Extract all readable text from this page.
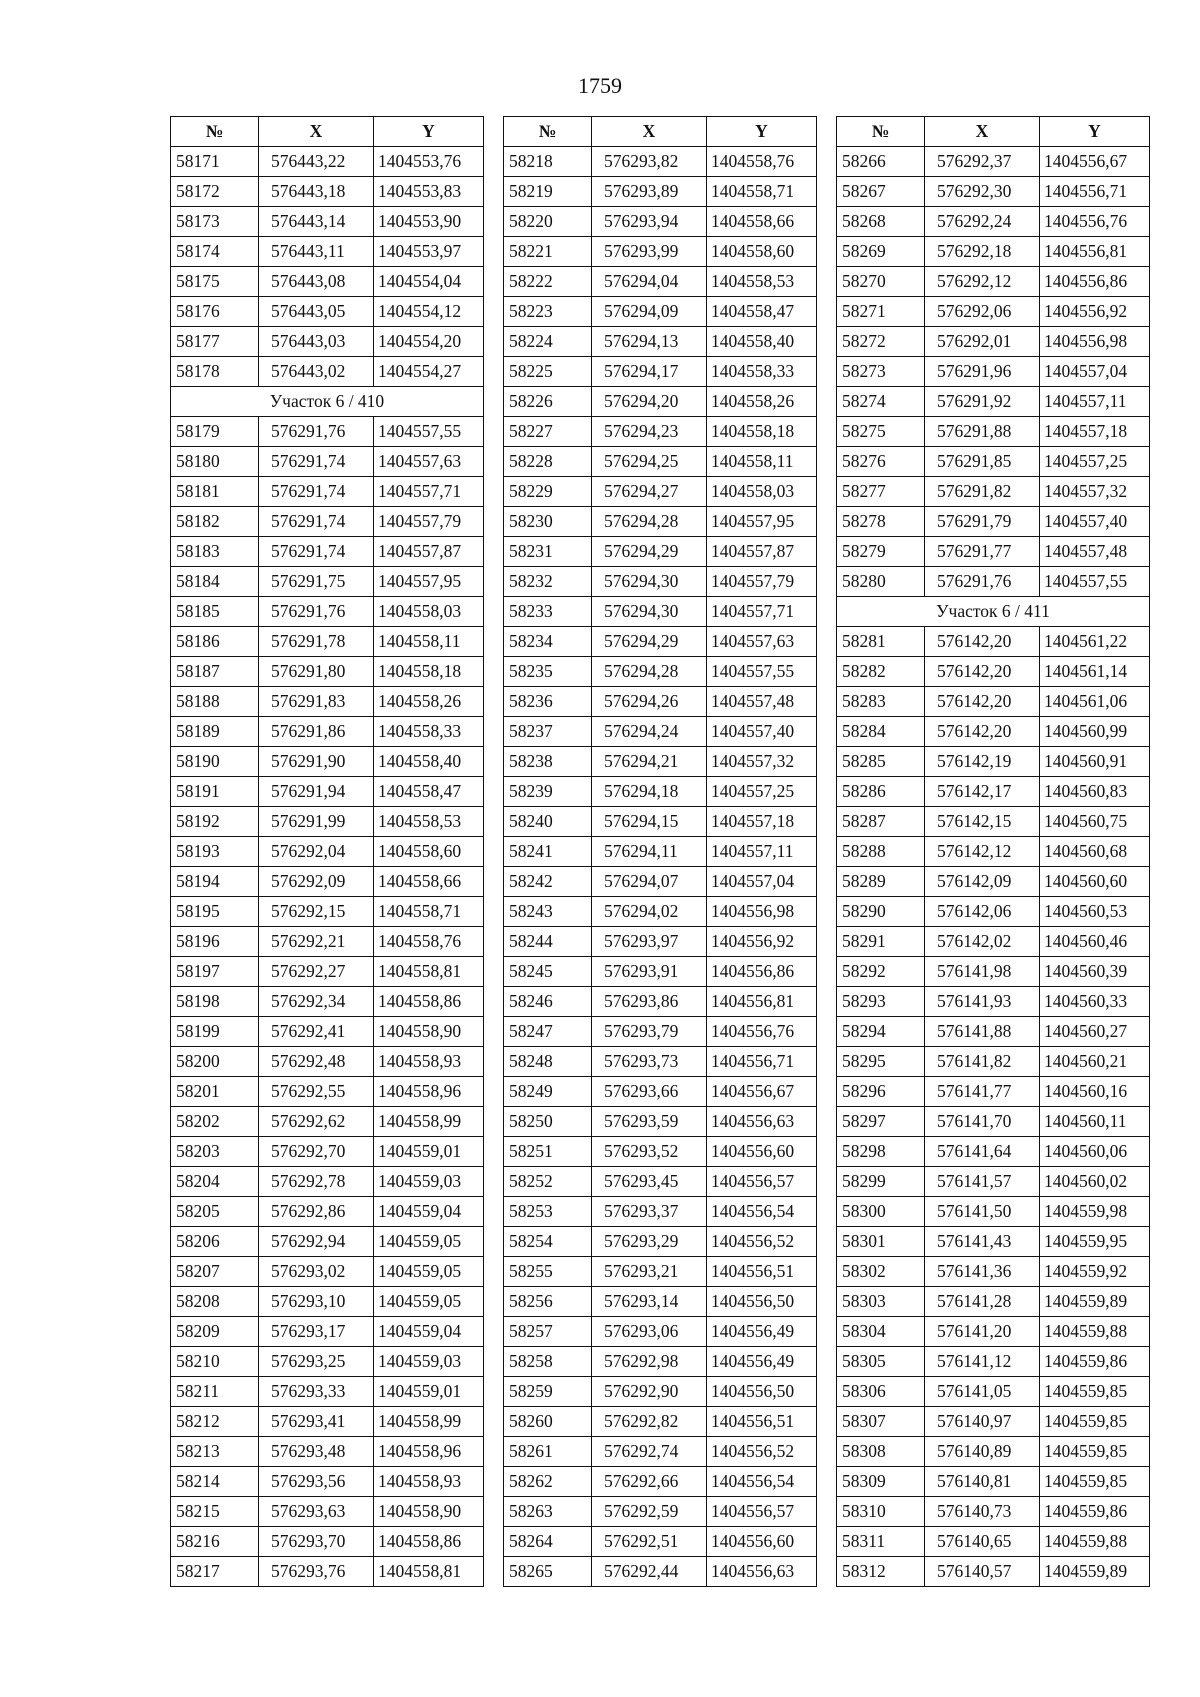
1759
№	X	Y
58171	576443,22	1404553,76
58172	576443,18	1404553,83
58173	576443,14	1404553,90
58174	576443,11	1404553,97
58175	576443,08	1404554,04
58176	576443,05	1404554,12
58177	576443,03	1404554,20
58178	576443,02	1404554,27
Участок 6 / 410		
58179	576291,76	1404557,55
58180	576291,74	1404557,63
58181	576291,74	1404557,71
58182	576291,74	1404557,79
58183	576291,74	1404557,87
58184	576291,75	1404557,95
58185	576291,76	1404558,03
58186	576291,78	1404558,11
58187	576291,80	1404558,18
58188	576291,83	1404558,26
58189	576291,86	1404558,33
58190	576291,90	1404558,40
58191	576291,94	1404558,47
58192	576291,99	1404558,53
58193	576292,04	1404558,60
58194	576292,09	1404558,66
58195	576292,15	1404558,71
58196	576292,21	1404558,76
58197	576292,27	1404558,81
58198	576292,34	1404558,86
58199	576292,41	1404558,90
58200	576292,48	1404558,93
58201	576292,55	1404558,96
58202	576292,62	1404558,99
58203	576292,70	1404559,01
58204	576292,78	1404559,03
58205	576292,86	1404559,04
58206	576292,94	1404559,05
58207	576293,02	1404559,05
58208	576293,10	1404559,05
58209	576293,17	1404559,04
58210	576293,25	1404559,03
58211	576293,33	1404559,01
58212	576293,41	1404558,99
58213	576293,48	1404558,96
58214	576293,56	1404558,93
58215	576293,63	1404558,90
58216	576293,70	1404558,86
58217	576293,76	1404558,81
№	X	Y
58218	576293,82	1404558,76
58219	576293,89	1404558,71
58220	576293,94	1404558,66
58221	576293,99	1404558,60
58222	576294,04	1404558,53
58223	576294,09	1404558,47
58224	576294,13	1404558,40
58225	576294,17	1404558,33
58226	576294,20	1404558,26
58227	576294,23	1404558,18
58228	576294,25	1404558,11
58229	576294,27	1404558,03
58230	576294,28	1404557,95
58231	576294,29	1404557,87
58232	576294,30	1404557,79
58233	576294,30	1404557,71
58234	576294,29	1404557,63
58235	576294,28	1404557,55
58236	576294,26	1404557,48
58237	576294,24	1404557,40
58238	576294,21	1404557,32
58239	576294,18	1404557,25
58240	576294,15	1404557,18
58241	576294,11	1404557,11
58242	576294,07	1404557,04
58243	576294,02	1404556,98
58244	576293,97	1404556,92
58245	576293,91	1404556,86
58246	576293,86	1404556,81
58247	576293,79	1404556,76
58248	576293,73	1404556,71
58249	576293,66	1404556,67
58250	576293,59	1404556,63
58251	576293,52	1404556,60
58252	576293,45	1404556,57
58253	576293,37	1404556,54
58254	576293,29	1404556,52
58255	576293,21	1404556,51
58256	576293,14	1404556,50
58257	576293,06	1404556,49
58258	576292,98	1404556,49
58259	576292,90	1404556,50
58260	576292,82	1404556,51
58261	576292,74	1404556,52
58262	576292,66	1404556,54
58263	576292,59	1404556,57
58264	576292,51	1404556,60
58265	576292,44	1404556,63
№	X	Y
58266	576292,37	1404556,67
58267	576292,30	1404556,71
58268	576292,24	1404556,76
58269	576292,18	1404556,81
58270	576292,12	1404556,86
58271	576292,06	1404556,92
58272	576292,01	1404556,98
58273	576291,96	1404557,04
58274	576291,92	1404557,11
58275	576291,88	1404557,18
58276	576291,85	1404557,25
58277	576291,82	1404557,32
58278	576291,79	1404557,40
58279	576291,77	1404557,48
58280	576291,76	1404557,55
Участок 6 / 411		
58281	576142,20	1404561,22
58282	576142,20	1404561,14
58283	576142,20	1404561,06
58284	576142,20	1404560,99
58285	576142,19	1404560,91
58286	576142,17	1404560,83
58287	576142,15	1404560,75
58288	576142,12	1404560,68
58289	576142,09	1404560,60
58290	576142,06	1404560,53
58291	576142,02	1404560,46
58292	576141,98	1404560,39
58293	576141,93	1404560,33
58294	576141,88	1404560,27
58295	576141,82	1404560,21
58296	576141,77	1404560,16
58297	576141,70	1404560,11
58298	576141,64	1404560,06
58299	576141,57	1404560,02
58300	576141,50	1404559,98
58301	576141,43	1404559,95
58302	576141,36	1404559,92
58303	576141,28	1404559,89
58304	576141,20	1404559,88
58305	576141,12	1404559,86
58306	576141,05	1404559,85
58307	576140,97	1404559,85
58308	576140,89	1404559,85
58309	576140,81	1404559,85
58310	576140,73	1404559,86
58311	576140,65	1404559,88
58312	576140,57	1404559,89
